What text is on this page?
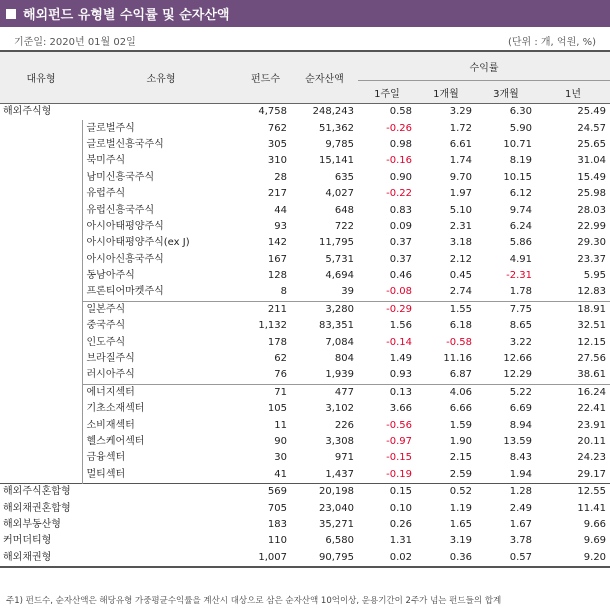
해외펀드 유형별 수익률 및 순자산액
기준일: 2020년 01월 02일	(단위 : 개, 억원, %)
대유형	소유형	펀드수	순자산액	수익률			
				1주일	1개월	3개월	1년
해외주식형		4,758	248,243	0.58	3.29	6.30	25.49
	글로벌주식	762	51,362	-0.26	1.72	5.90	24.57
	글로벌신흥국주식	305	9,785	0.98	6.61	10.71	25.65
	북미주식	310	15,141	-0.16	1.74	8.19	31.04
	남미신흥국주식	28	635	0.90	9.70	10.15	15.49
	유럽주식	217	4,027	-0.22	1.97	6.12	25.98
	유럽신흥국주식	44	648	0.83	5.10	9.74	28.03
	아시아태평양주식	93	722	0.09	2.31	6.24	22.99
	아시아태평양주식(ex J)	142	11,795	0.37	3.18	5.86	29.30
	아시아신흥국주식	167	5,731	0.37	2.12	4.91	23.37
	동남아주식	128	4,694	0.46	0.45	-2.31	5.95
	프론티어마켓주식	8	39	-0.08	2.74	1.78	12.83
	일본주식	211	3,280	-0.29	1.55	7.75	18.91
	중국주식	1,132	83,351	1.56	6.18	8.65	32.51
	인도주식	178	7,084	-0.14	-0.58	3.22	12.15
	브라질주식	62	804	1.49	11.16	12.66	27.56
	러시아주식	76	1,939	0.93	6.87	12.29	38.61
	에너지섹터	71	477	0.13	4.06	5.22	16.24
	기초소재섹터	105	3,102	3.66	6.66	6.69	22.41
	소비재섹터	11	226	-0.56	1.59	8.94	23.91
	헬스케어섹터	90	3,308	-0.97	1.90	13.59	20.11
	금융섹터	30	971	-0.15	2.15	8.43	24.23
	멀티섹터	41	1,437	-0.19	2.59	1.94	29.17
해외주식혼합형		569	20,198	0.15	0.52	1.28	12.55
해외채권혼합형		705	23,040	0.10	1.19	2.49	11.41
해외부동산형		183	35,271	0.26	1.65	1.67	9.66
커머더티형		110	6,580	1.31	3.19	3.78	9.69
해외채권형		1,007	90,795	0.02	0.36	0.57	9.20
주1) 펀드수, 순자산액은 해당유형 가중평균수익률을 계산시 대상으로 삼은 순자산액 10억이상, 운용기간이 2주가 넘는 펀드들의 합계
